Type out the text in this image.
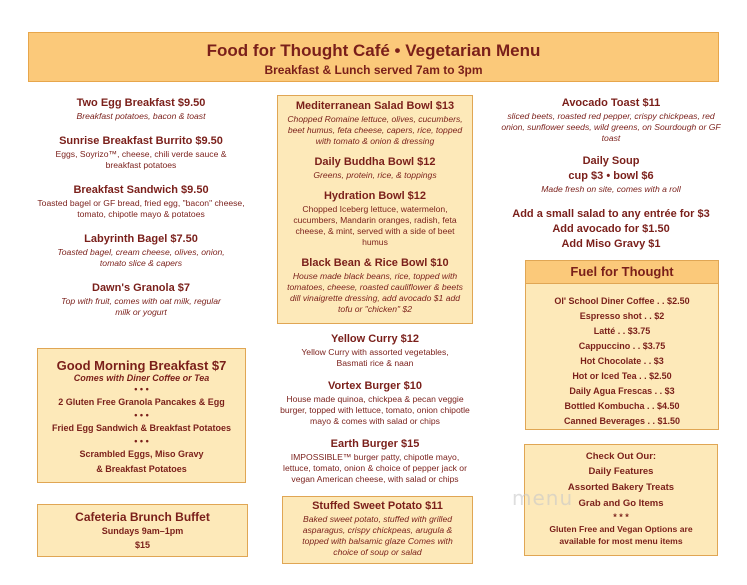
Food for Thought Café • Vegetarian Menu
Breakfast & Lunch served 7am to 3pm
Two Egg Breakfast $9.50
Breakfast potatoes, bacon & toast
Sunrise Breakfast Burrito $9.50
Eggs, Soyrizo™, cheese, chili verde sauce & breakfast potatoes
Breakfast Sandwich $9.50
Toasted bagel or GF bread, fried egg, "bacon" cheese, tomato, chipotle mayo & potatoes
Labyrinth Bagel $7.50
Toasted bagel, cream cheese, olives, onion, tomato slice & capers
Dawn's Granola $7
Top with fruit, comes with oat milk, regular milk or yogurt
Good Morning Breakfast $7
Comes with Diner Coffee or Tea
• • •
2 Gluten Free Granola Pancakes & Egg
• • •
Fried Egg Sandwich & Breakfast Potatoes
• • •
Scrambled Eggs, Miso Gravy
& Breakfast Potatoes
Cafeteria Brunch Buffet
Sundays 9am–1pm
$15
Mediterranean Salad Bowl $13
Chopped Romaine lettuce, olives, cucumbers, beet humus, feta cheese, capers, rice, topped with tomato & onion & dressing
Daily Buddha Bowl $12
Greens, protein, rice, & toppings
Hydration Bowl $12
Chopped Iceberg lettuce, watermelon, cucumbers, Mandarin oranges, radish, feta cheese, & mint, served with a side of beet humus
Black Bean & Rice Bowl $10
House made black beans, rice, topped with tomatoes, cheese, roasted cauliflower & beets dill vinaigrette dressing, add avocado $1 add tofu or "chicken" $2
Yellow Curry $12
Yellow Curry with assorted vegetables, Basmati rice & naan
Vortex Burger $10
House made quinoa, chickpea & pecan veggie burger, topped with lettuce, tomato, onion chipotle mayo & comes with salad or chips
Earth Burger $15
IMPOSSIBLE™ burger patty, chipotle mayo, lettuce, tomato, onion & choice of pepper jack or vegan American cheese, with salad or chips
Stuffed Sweet Potato $11
Baked sweet potato, stuffed with grilled asparagus, crispy chickpeas, arugula & topped with balsamic glaze Comes with choice of soup or salad
Avocado Toast $11
sliced beets, roasted red pepper, crispy chickpeas, red onion, sunflower seeds, wild greens, on Sourdough or GF toast
Daily Soup
cup $3 • bowl $6
Made fresh on site, comes with a roll
Add a small salad to any entrée for $3
Add avocado for $1.50
Add Miso Gravy $1
Fuel for Thought
Ol' School Diner Coffee . . $2.50
Espresso shot . . $2
Latté . . $3.75
Cappuccino . . $3.75
Hot Chocolate . . $3
Hot or Iced Tea . . $2.50
Daily Agua Frescas . . $3
Bottled Kombucha . . $4.50
Canned Beverages . . $1.50
Check Out Our:
Daily Features
Assorted Bakery Treats
Grab and Go Items
* * *
Gluten Free and Vegan Options are available for most menu items
menu
